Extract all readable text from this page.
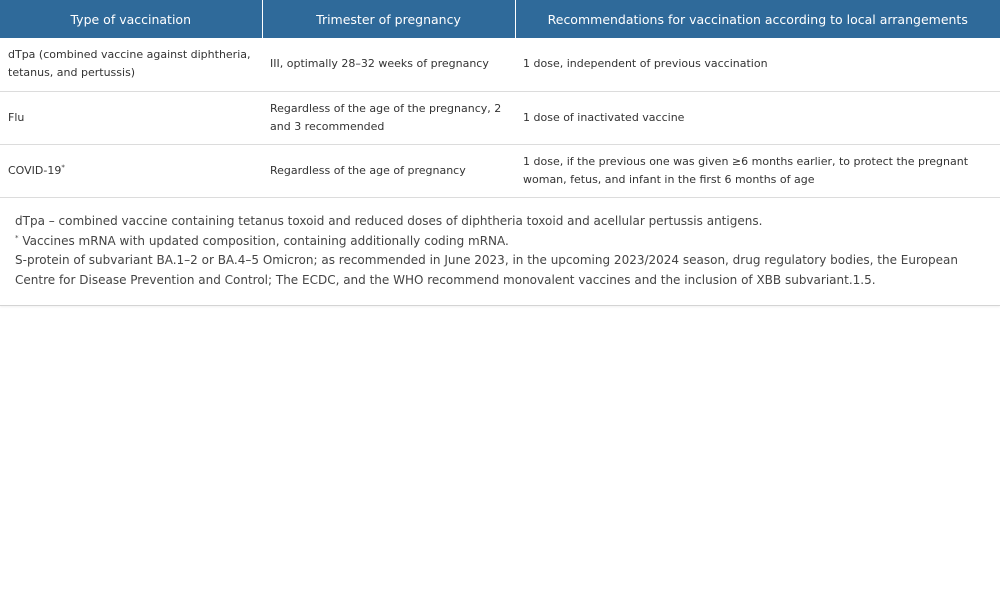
Type of vaccination	Trimester of pregnancy	Recommendations for vaccination according to local arrangements
dTpa (combined vaccine against diphtheria, tetanus, and pertussis)	III, optimally 28–32 weeks of pregnancy	1 dose, independent of previous vaccination
Flu	Regardless of the age of the pregnancy, 2 and 3 recommended	1 dose of inactivated vaccine
COVID-19*	Regardless of the age of pregnancy	1 dose, if the previous one was given ≥6 months earlier, to protect the pregnant woman, fetus, and infant in the first 6 months of age

dTpa – combined vaccine containing tetanus toxoid and reduced doses of diphtheria toxoid and acellular pertussis antigens.

* Vaccines mRNA with updated composition, containing additionally coding mRNA.

S-protein of subvariant BA.1–2 or BA.4–5 Omicron; as recommended in June 2023, in the upcoming 2023/2024 season, drug regulatory bodies, the European Centre for Disease Prevention and Control; The ECDC, and the WHO recommend monovalent vaccines and the inclusion of XBB subvariant.1.5.
